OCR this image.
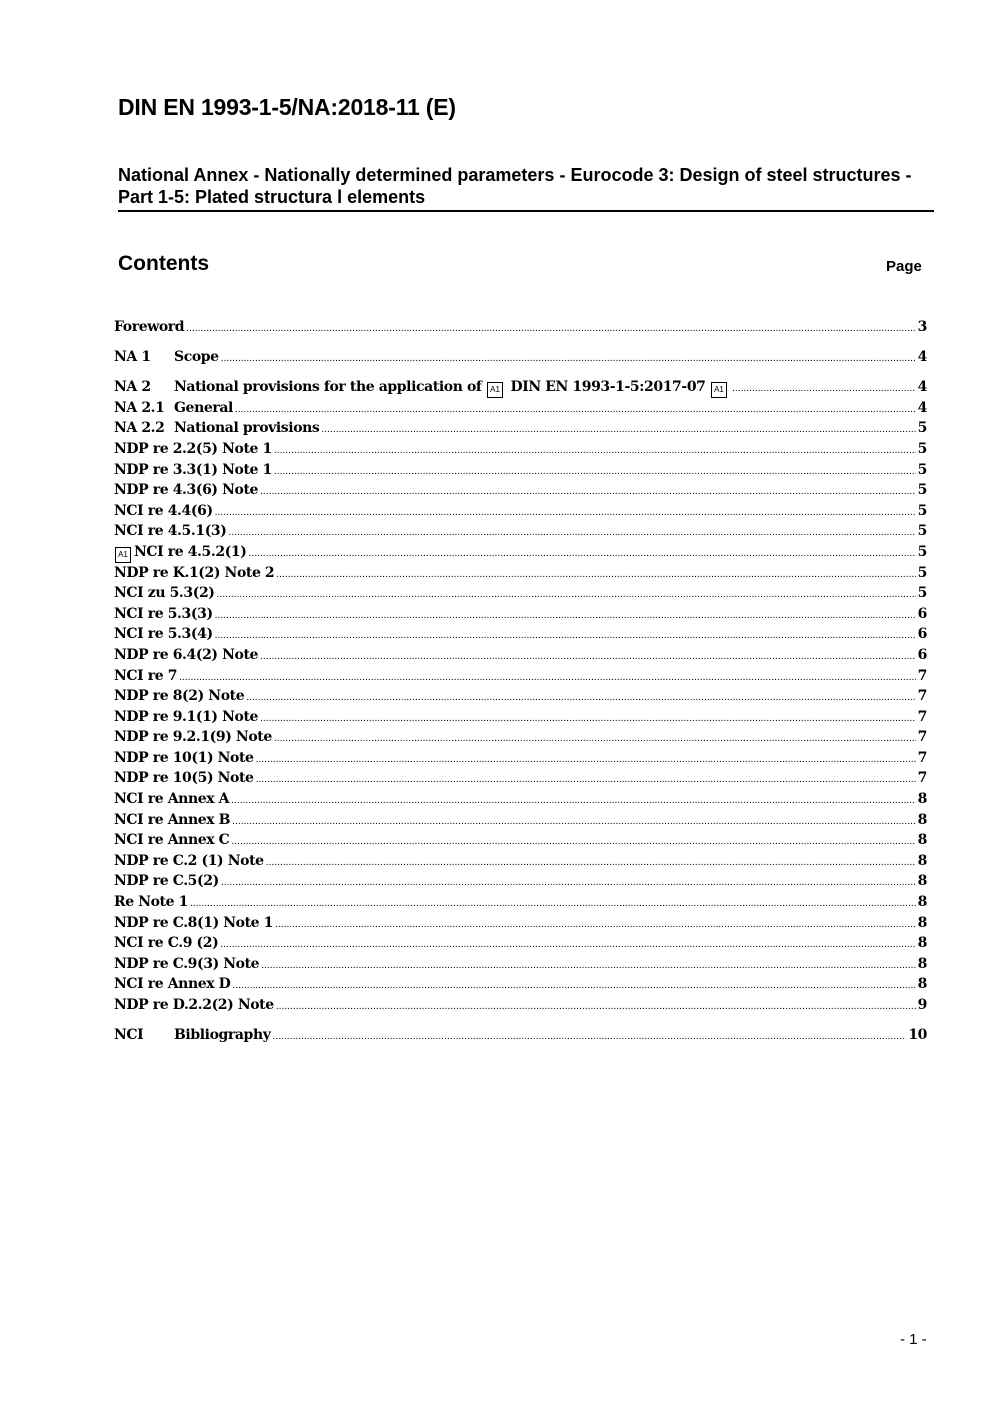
DIN EN 1993-1-5/NA:2018-11 (E)
National Annex - Nationally determined parameters - Eurocode 3: Design of steel structures - Part 1-5: Plated structura l elements
Contents	Page
Foreword .....	3
NA 1	Scope .....	4
NA 2	National provisions for the application of A1 DIN EN 1993-1-5:2017-07 A1 .....	4
NA 2.1 General .....	4
NA 2.2 National provisions .....	5
NDP re 2.2(5) Note 1 .....	5
NDP re 3.3(1) Note 1 .....	5
NDP re 4.3(6) Note .....	5
NCI re 4.4(6) .....	5
NCI re 4.5.1(3) .....	5
A1 NCI re 4.5.2(1) .....	5
NDP re K.1(2) Note 2 .....	5
NCI zu 5.3(2) .....	5
NCI re 5.3(3) .....	6
NCI re 5.3(4) .....	6
NDP re 6.4(2) Note .....	6
NCI re 7 .....	7
NDP re 8(2) Note .....	7
NDP re 9.1(1) Note .....	7
NDP re 9.2.1(9) Note .....	7
NDP re 10(1) Note .....	7
NDP re 10(5) Note .....	7
NCI re Annex A .....	8
NCI re Annex B .....	8
NCI re Annex C .....	8
NDP re C.2 (1) Note .....	8
NDP re C.5(2) .....	8
Re Note 1 .....	8
NDP re C.8(1) Note 1 .....	8
NCI re C.9 (2) .....	8
NDP re C.9(3) Note .....	8
NCI re Annex D .....	8
NDP re D.2.2(2) Note .....	9
NCI	Bibliography .....	10
- 1 -
